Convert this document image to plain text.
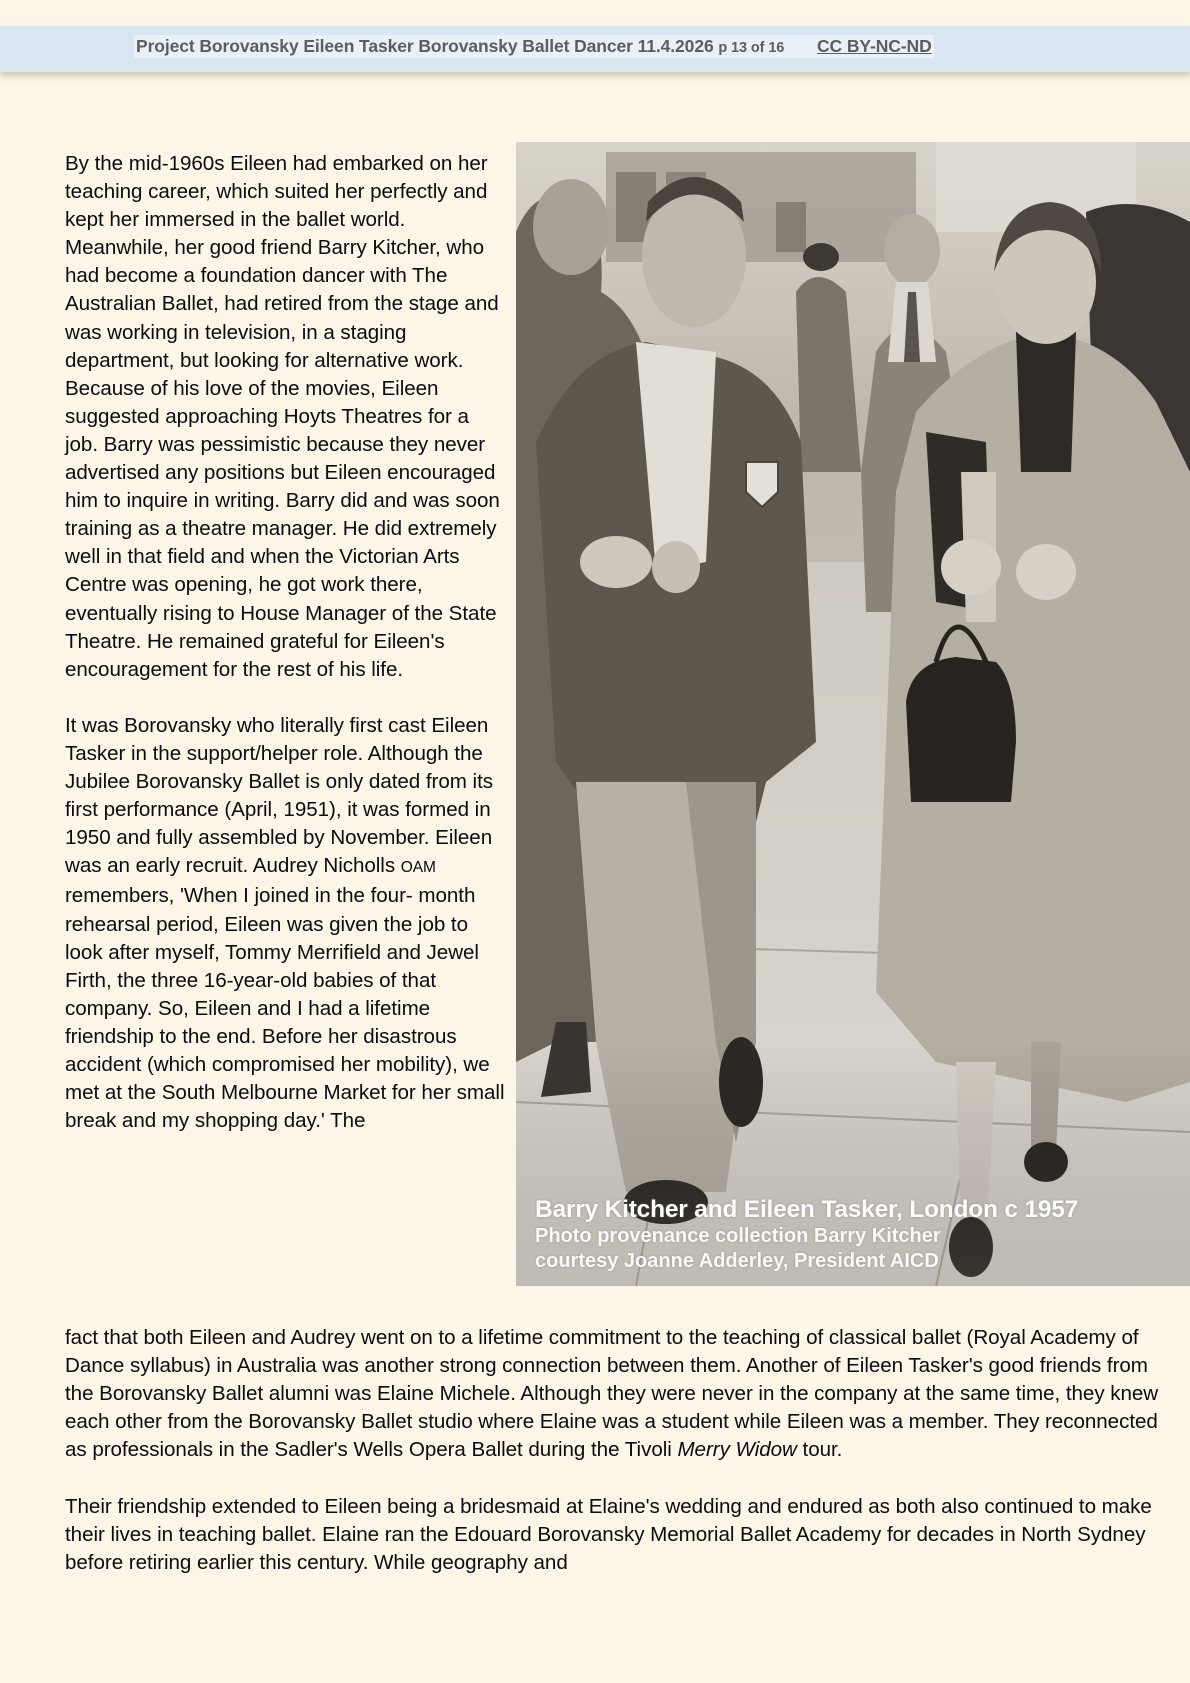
Project Borovansky Eileen Tasker Borovansky Ballet Dancer 11.4.2026 p 13 of 16 CC BY-NC-ND

By the mid-1960s Eileen had embarked on her teaching career, which suited her perfectly and kept her immersed in the ballet world. Meanwhile, her good friend Barry Kitcher, who had become a foundation dancer with The Australian Ballet, had retired from the stage and was working in television, in a staging department, but looking for alternative work. Because of his love of the movies, Eileen suggested approaching Hoyts Theatres for a job. Barry was pessimistic because they never advertised any positions but Eileen encouraged him to inquire in writing. Barry did and was soon training as a theatre manager. He did extremely well in that field and when the Victorian Arts Centre was opening, he got work there, eventually rising to House Manager of the State Theatre. He remained grateful for Eileen's encouragement for the rest of his life.

It was Borovansky who literally first cast Eileen Tasker in the support/helper role. Although the Jubilee Borovansky Ballet is only dated from its first performance (April, 1951), it was formed in 1950 and fully assembled by November. Eileen was an early recruit. Audrey Nicholls OAM remembers, 'When I joined in the four- month rehearsal period, Eileen was given the job to look after myself, Tommy Merrifield and Jewel Firth, the three 16-year-old babies of that company. So, Eileen and I had a lifetime friendship to the end. Before her disastrous accident (which compromised her mobility), we met at the South Melbourne Market for her small break and my shopping day.' The

Barry Kitcher and Eileen Tasker, London c 1957
Photo provenance collection Barry Kitcher
courtesy Joanne Adderley, President AICD

fact that both Eileen and Audrey went on to a lifetime commitment to the teaching of classical ballet (Royal Academy of Dance syllabus) in Australia was another strong connection between them. Another of Eileen Tasker's good friends from the Borovansky Ballet alumni was Elaine Michele. Although they were never in the company at the same time, they knew each other from the Borovansky Ballet studio where Elaine was a student while Eileen was a member. They reconnected as professionals in the Sadler's Wells Opera Ballet during the Tivoli Merry Widow tour.

Their friendship extended to Eileen being a bridesmaid at Elaine's wedding and endured as both also continued to make their lives in teaching ballet. Elaine ran the Edouard Borovansky Memorial Ballet Academy for decades in North Sydney before retiring earlier this century. While geography and
